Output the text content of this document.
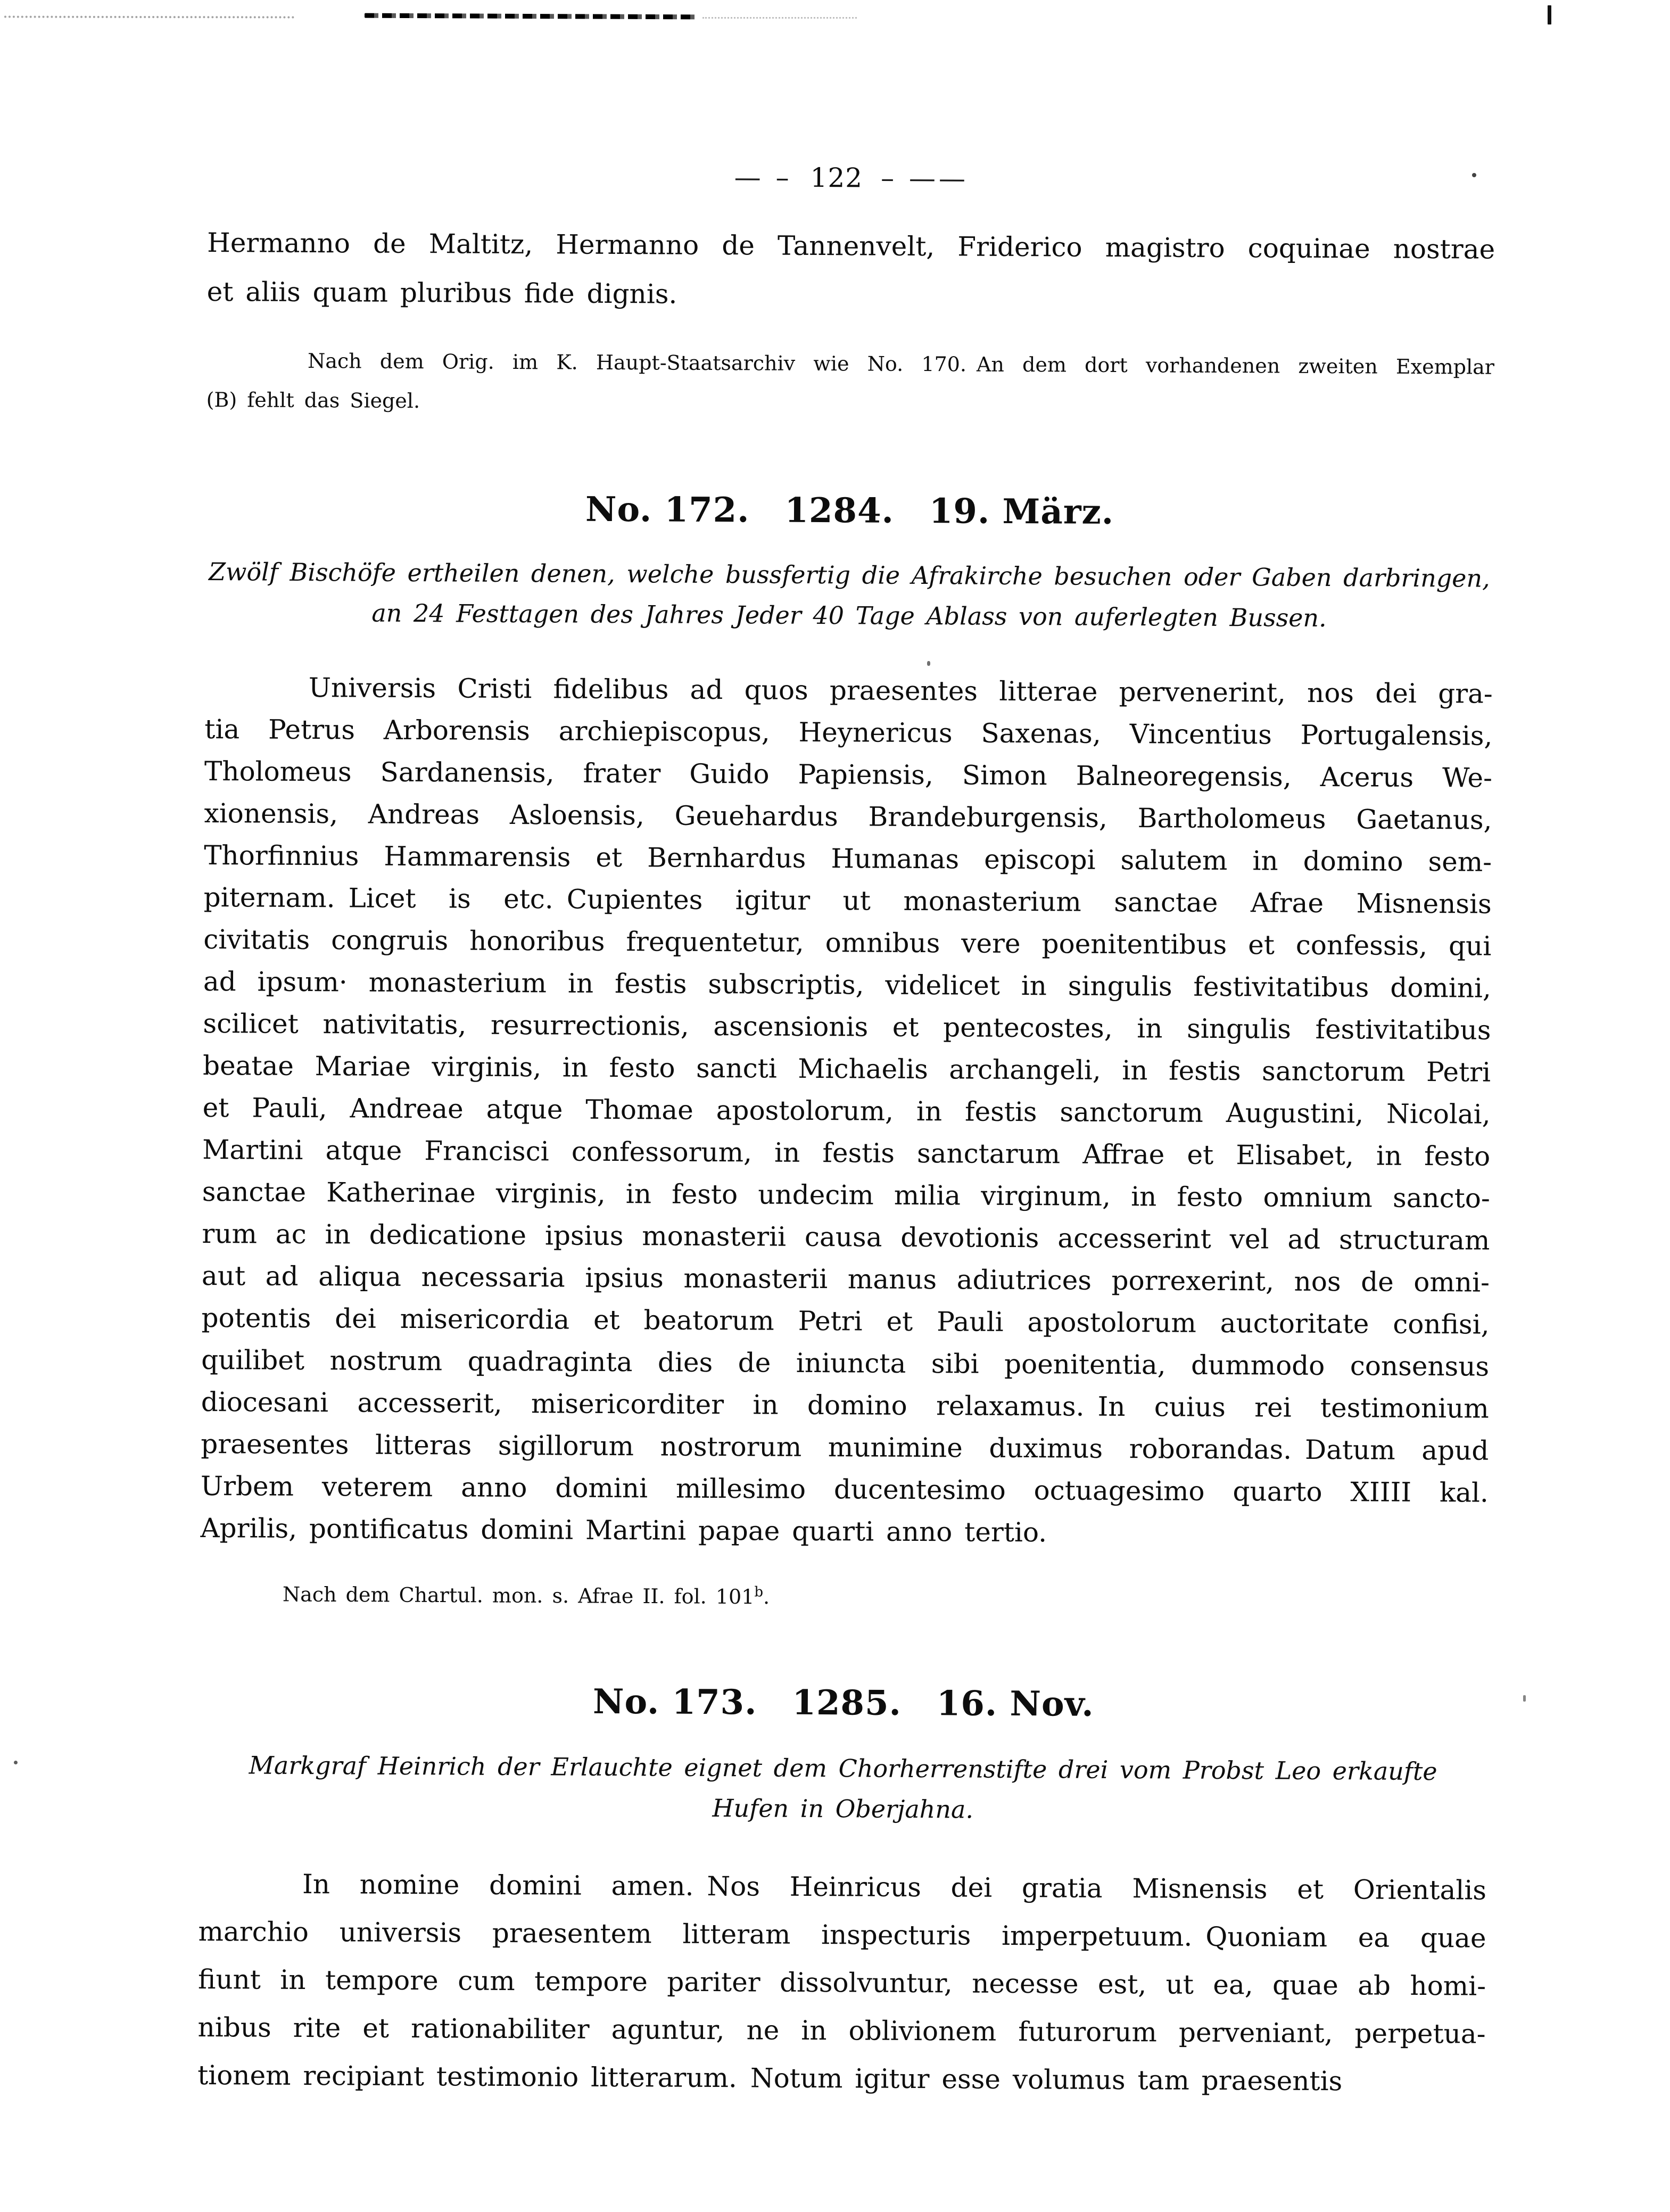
— – 122 – ——
Hermanno de Maltitz, Hermanno de Tannenvelt, Friderico magistro coquinae nostrae
et aliis quam pluribus fide dignis.
Nach dem Orig. im K. Haupt-Staatsarchiv wie No. 170. An dem dort vorhandenen zweiten Exemplar
(B) fehlt das Siegel.
No. 172.  1284.  19. März.
Zwölf Bischöfe ertheilen denen, welche bussfertig die Afrakirche besuchen oder Gaben darbringen,
an 24 Festtagen des Jahres Jeder 40 Tage Ablass von auferlegten Bussen.
Universis Cristi fidelibus ad quos praesentes litterae pervenerint, nos dei gra-
tia Petrus Arborensis archiepiscopus, Heynericus Saxenas, Vincentius Portugalensis,
Tholomeus Sardanensis, frater Guido Papiensis, Simon Balneoregensis, Acerus We-
xionensis, Andreas Asloensis, Geuehardus Brandeburgensis, Bartholomeus Gaetanus,
Thorfinnius Hammarensis et Bernhardus Humanas episcopi salutem in domino sem-
piternam. Licet is etc. Cupientes igitur ut monasterium sanctae Afrae Misnensis
civitatis congruis honoribus frequentetur, omnibus vere poenitentibus et confessis, qui
ad ipsum· monasterium in festis subscriptis, videlicet in singulis festivitatibus domini,
scilicet nativitatis, resurrectionis, ascensionis et pentecostes, in singulis festivitatibus
beatae Mariae virginis, in festo sancti Michaelis archangeli, in festis sanctorum Petri
et Pauli, Andreae atque Thomae apostolorum, in festis sanctorum Augustini, Nicolai,
Martini atque Francisci confessorum, in festis sanctarum Affrae et Elisabet, in festo
sanctae Katherinae virginis, in festo undecim milia virginum, in festo omnium sancto-
rum ac in dedicatione ipsius monasterii causa devotionis accesserint vel ad structuram
aut ad aliqua necessaria ipsius monasterii manus adiutrices porrexerint, nos de omni-
potentis dei misericordia et beatorum Petri et Pauli apostolorum auctoritate confisi,
quilibet nostrum quadraginta dies de iniuncta sibi poenitentia, dummodo consensus
diocesani accesserit, misericorditer in domino relaxamus. In cuius rei testimonium
praesentes litteras sigillorum nostrorum munimine duximus roborandas. Datum apud
Urbem veterem anno domini millesimo ducentesimo octuagesimo quarto XIIII kal.
Aprilis, pontificatus domini Martini papae quarti anno tertio.
Nach dem Chartul. mon. s. Afrae II. fol. 101$^b$.
No. 173.  1285.  16. Nov.
Markgraf Heinrich der Erlauchte eignet dem Chorherrenstifte drei vom Probst Leo erkaufte
Hufen in Oberjahna.
In nomine domini amen. Nos Heinricus dei gratia Misnensis et Orientalis
marchio universis praesentem litteram inspecturis imperpetuum. Quoniam ea quae
fiunt in tempore cum tempore pariter dissolvuntur, necesse est, ut ea, quae ab homi-
nibus rite et rationabiliter aguntur, ne in oblivionem futurorum perveniant, perpetua-
tionem recipiant testimonio litterarum. Notum igitur esse volumus tam praesentis
